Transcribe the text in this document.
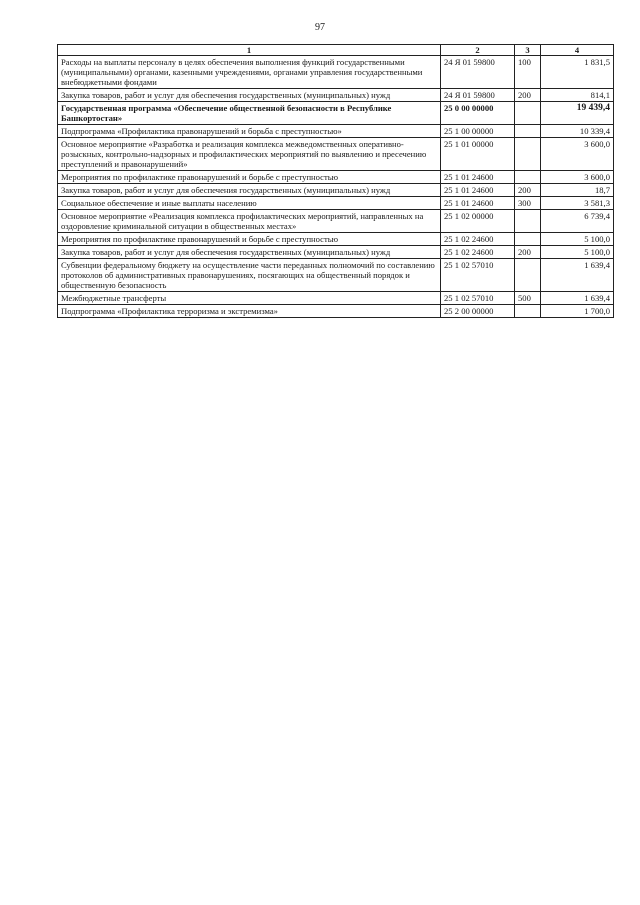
97
1	2	3	4
Расходы на выплаты персоналу в целях обеспечения выполнения функций государственными (муниципальными) органами, казенными учреждениями, органами управления государственными внебюджетными фондами	24 Я 01 59800	100	1 831,5
Закупка товаров, работ и услуг для обеспечения государственных (муниципальных) нужд	24 Я 01 59800	200	814,1
Государственная программа «Обеспечение общественной безопасности в Республике Башкортостан»	25 0 00 00000		19 439,4
Подпрограмма «Профилактика правонарушений и борьба с преступностью»	25 1 00 00000		10 339,4
Основное мероприятие «Разработка и реализация комплекса межведомственных оперативно-розыскных, контрольно-надзорных и профилактических мероприятий по выявлению и пресечению преступлений и правонарушений»	25 1 01 00000		3 600,0
Мероприятия по профилактике правонарушений и борьбе с преступностью	25 1 01 24600		3 600,0
Закупка товаров, работ и услуг для обеспечения государственных (муниципальных) нужд	25 1 01 24600	200	18,7
Социальное обеспечение и иные выплаты населению	25 1 01 24600	300	3 581,3
Основное мероприятие «Реализация комплекса профилактических мероприятий, направленных на оздоровление криминальной ситуации в общественных местах»	25 1 02 00000		6 739,4
Мероприятия по профилактике правонарушений и борьбе с преступностью	25 1 02 24600		5 100,0
Закупка товаров, работ и услуг для обеспечения государственных (муниципальных) нужд	25 1 02 24600	200	5 100,0
Субвенции федеральному бюджету на осуществление части переданных полномочий по составлению протоколов об административных правонарушениях, посягающих на общественный порядок и общественную безопасность	25 1 02 57010		1 639,4
Межбюджетные трансферты	25 1 02 57010	500	1 639,4
Подпрограмма «Профилактика терроризма и экстремизма»	25 2 00 00000		1 700,0
